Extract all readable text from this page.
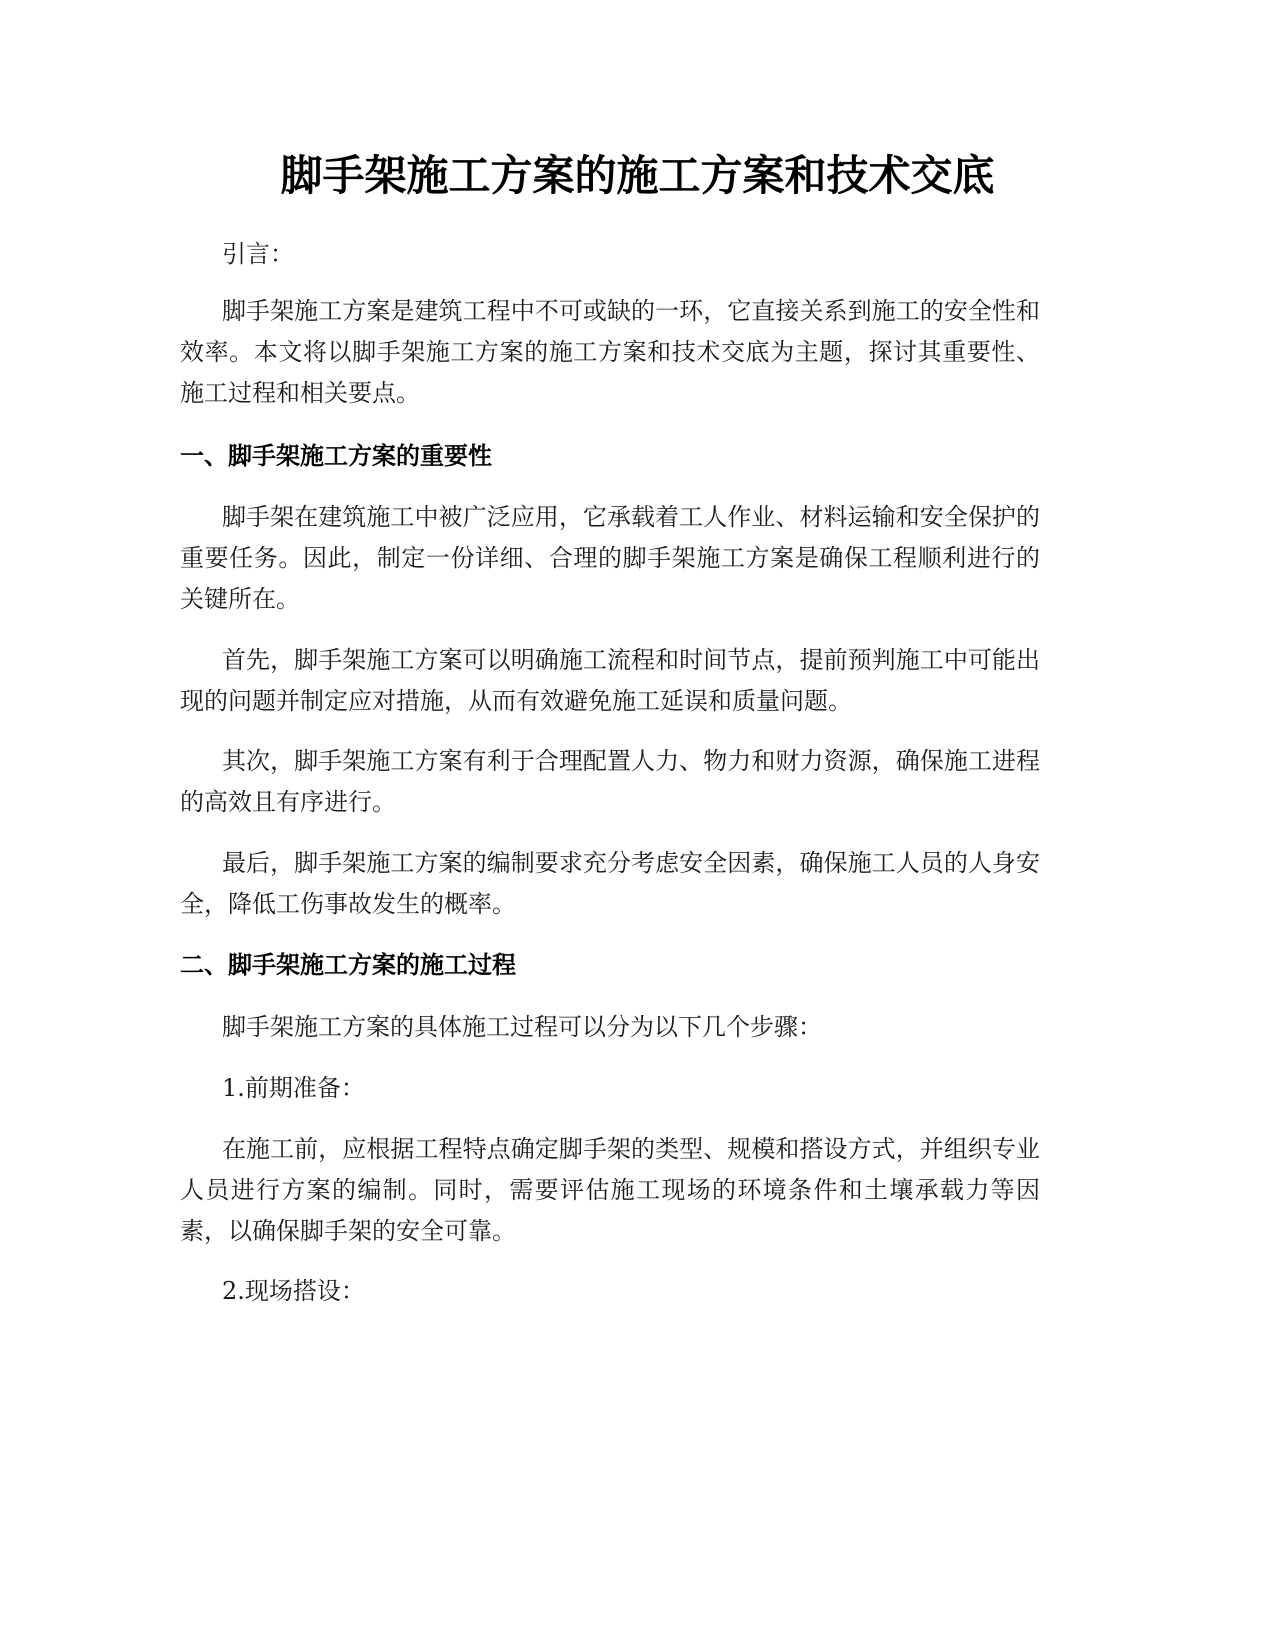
脚手架施工方案的施工方案和技术交底

引言：

脚手架施工方案是建筑工程中不可或缺的一环，它直接关系到施工的安全性和效率。本文将以脚手架施工方案的施工方案和技术交底为主题，探讨其重要性、施工过程和相关要点。

一、脚手架施工方案的重要性

脚手架在建筑施工中被广泛应用，它承载着工人作业、材料运输和安全保护的重要任务。因此，制定一份详细、合理的脚手架施工方案是确保工程顺利进行的关键所在。

首先，脚手架施工方案可以明确施工流程和时间节点，提前预判施工中可能出现的问题并制定应对措施，从而有效避免施工延误和质量问题。

其次，脚手架施工方案有利于合理配置人力、物力和财力资源，确保施工进程的高效且有序进行。

最后，脚手架施工方案的编制要求充分考虑安全因素，确保施工人员的人身安全，降低工伤事故发生的概率。

二、脚手架施工方案的施工过程

脚手架施工方案的具体施工过程可以分为以下几个步骤：

1.前期准备：

在施工前，应根据工程特点确定脚手架的类型、规模和搭设方式，并组织专业人员进行方案的编制。同时，需要评估施工现场的环境条件和土壤承载力等因素，以确保脚手架的安全可靠。

2.现场搭设：
